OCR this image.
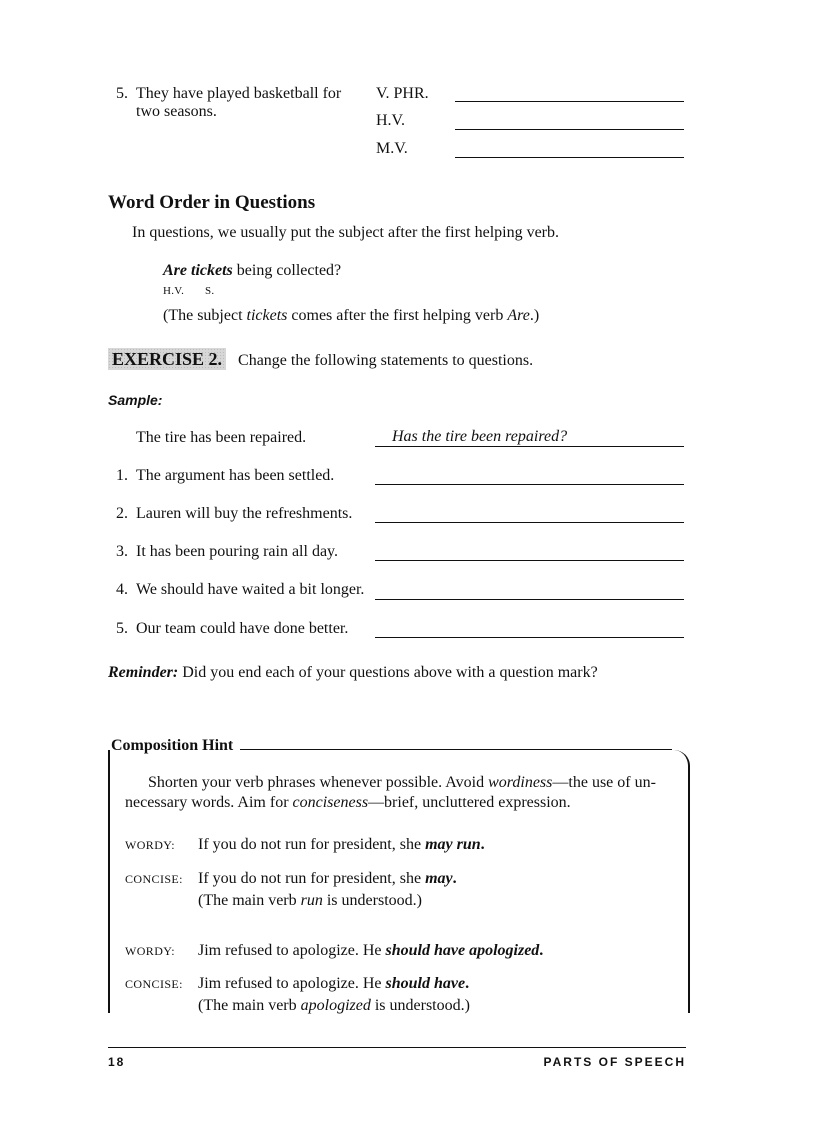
5. They have played basketball for
two seasons.
V. PHR.
H.V.
M.V.
Word Order in Questions
In questions, we usually put the subject after the first helping verb.
Are tickets being collected?
H.V. S.
(The subject tickets comes after the first helping verb Are.)
EXERCISE 2. Change the following statements to questions.
Sample:
The tire has been repaired.	Has the tire been repaired?
1. The argument has been settled.
2. Lauren will buy the refreshments.
3. It has been pouring rain all day.
4. We should have waited a bit longer.
5. Our team could have done better.
Reminder: Did you end each of your questions above with a question mark?
Composition Hint
Shorten your verb phrases whenever possible. Avoid wordiness—the use of un-
necessary words. Aim for conciseness—brief, uncluttered expression.
WORDY: If you do not run for president, she may run.
CONCISE: If you do not run for president, she may.
(The main verb run is understood.)
WORDY: Jim refused to apologize. He should have apologized.
CONCISE: Jim refused to apologize. He should have.
(The main verb apologized is understood.)
18	PARTS OF SPEECH
